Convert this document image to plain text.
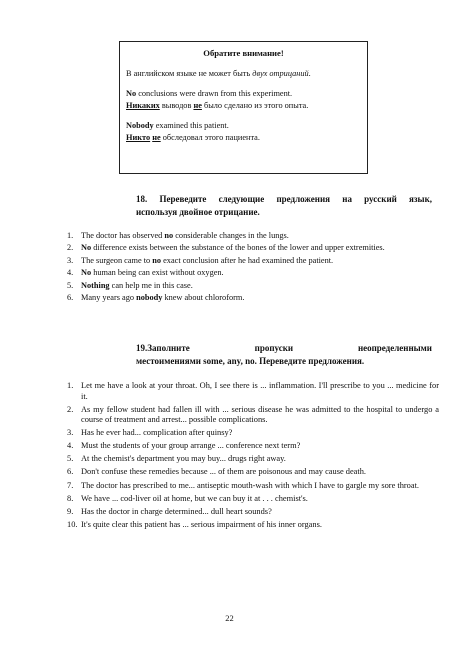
Обратите внимание!
В английском языке не может быть двух отрицаний.
No conclusions were drawn from this experiment.
Никаких выводов не было сделано из этого опыта.
Nobody examined this patient.
Никто не обследовал этого пациента.
18. Переведите следующие предложения на русский язык,
используя двойное отрицание.
1. The doctor has observed no considerable changes in the lungs.
2. No difference exists between the substance of the bones of the lower and upper extremities.
3. The surgeon came to no exact conclusion after he had examined the patient.
4. No human being can exist without oxygen.
5. Nothing can help me in this case.
6. Many years ago nobody knew about chloroform.
19.Заполните пропуски неопределенными
местоимениями some, any, no. Переведите предложения.
1. Let me have a look at your throat. Oh, I see there is ... inflammation. I'll prescribe to you ... medicine for it.
2. As my fellow student had fallen ill with ... serious disease he was admitted to the hospital to undergo a course of treatment and arrest... possible complications.
3. Has he ever had... complication after quinsy?
4. Must the students of your group arrange ... conference next term?
5. At the chemist's department you may buy... drugs right away.
6. Don't confuse these remedies because ... of them are poisonous and may cause death.
7. The doctor has prescribed to me... antiseptic mouth-wash with which I have to gargle my sore throat.
8. We have ... cod-liver oil at home, but we can buy it at . . . chemist's.
9. Has the doctor in charge determined... dull heart sounds?
10. It's quite clear this patient has ... serious impairment of his inner organs.
22
